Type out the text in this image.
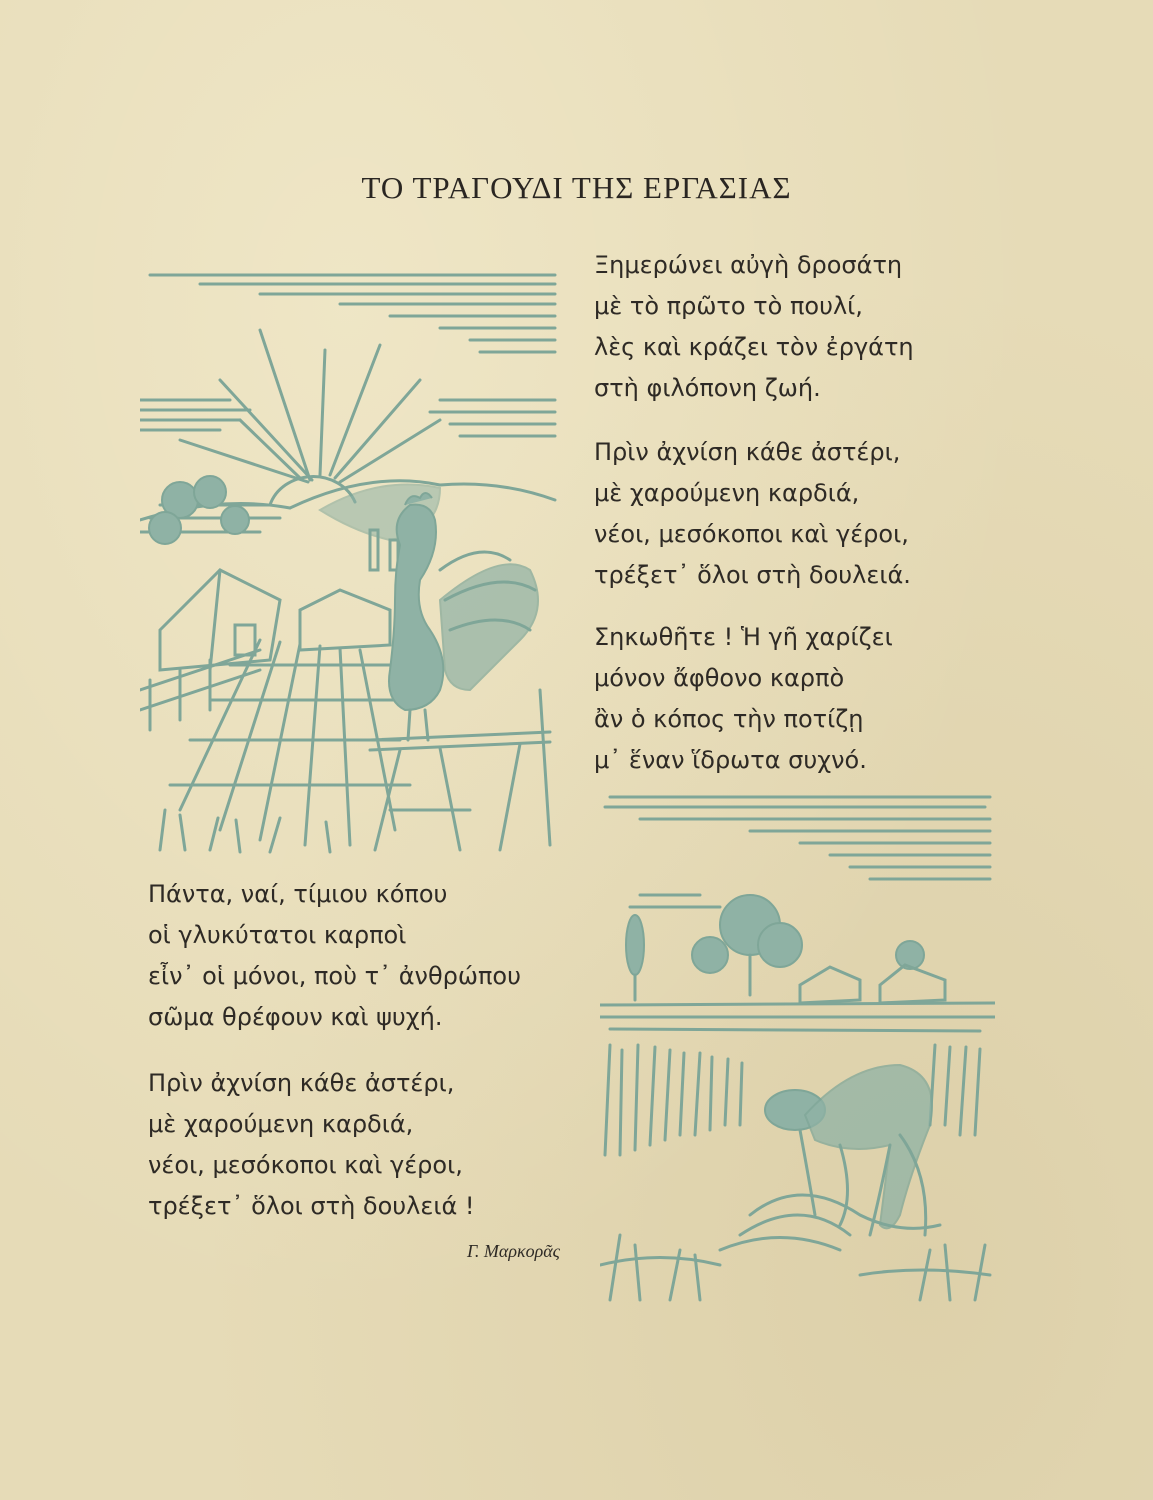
ΤΟ ΤΡΑΓΟΥΔΙ ΤΗΣ ΕΡΓΑΣΙΑΣ
Ξημερώνει αὐγὴ δροσάτη
μὲ τὸ πρῶτο τὸ πουλί,
λὲς καὶ κράζει τὸν ἐργάτη
στὴ φιλόπονη ζωή.
Πρὶν ἀχνίση κάθε ἀστέρι,
μὲ χαρούμενη καρδιά,
νέοι, μεσόκοποι καὶ γέροι,
τρέξετ᾽ ὅλοι στὴ δουλειά.
Σηκωθῆτε ! Ἡ γῆ χαρίζει
μόνον ἄφθονο καρπὸ
ἂν ὁ κόπος τὴν ποτίζῃ
μ᾽ ἕναν ἵδρωτα συχνό.
Πάντα, ναί, τίμιου κόπου
οἱ γλυκύτατοι καρποὶ
εἶν᾽ οἱ μόνοι, ποὺ τ᾽ ἀνθρώπου
σῶμα θρέφουν καὶ ψυχή.
Πρὶν ἀχνίση κάθε ἀστέρι,
μὲ χαρούμενη καρδιά,
νέοι, μεσόκοποι καὶ γέροι,
τρέξετ᾽ ὅλοι στὴ δουλειά !
Γ. Μαρκορᾶς
